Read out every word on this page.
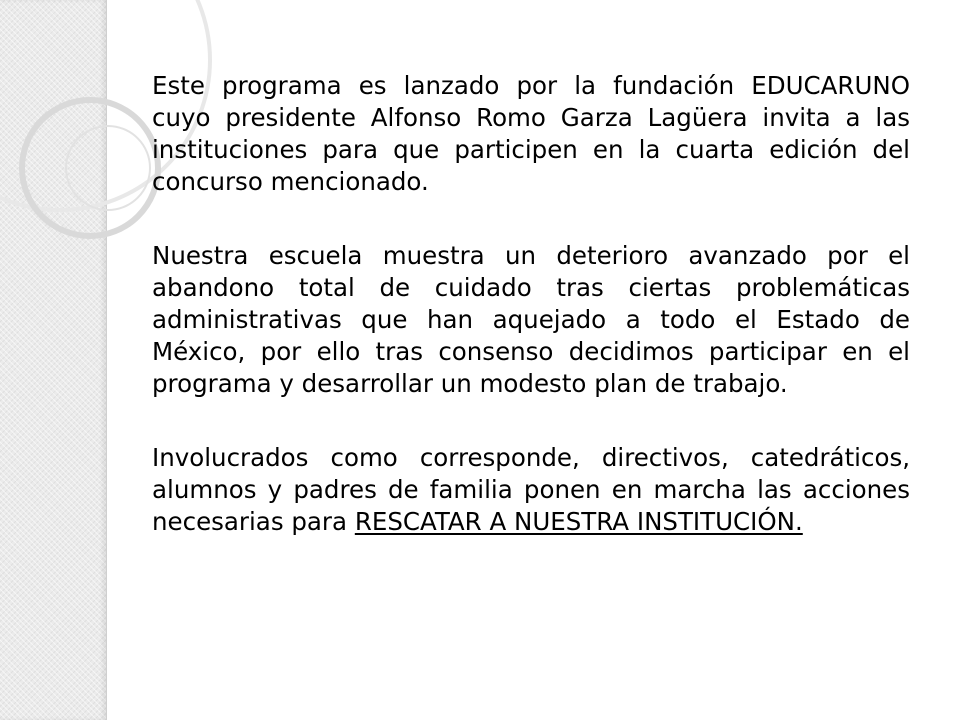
Este programa es lanzado por la fundación EDUCARUNO cuyo presidente Alfonso Romo Garza Lagüera invita a las instituciones para que participen en la cuarta edición del concurso mencionado.

Nuestra escuela muestra un deterioro avanzado por el abandono total de cuidado tras ciertas problemáticas administrativas que han aquejado a todo el Estado de México, por ello tras consenso decidimos participar en el programa y desarrollar un modesto plan de trabajo.

Involucrados como corresponde, directivos, catedráticos, alumnos y padres de familia ponen en marcha las acciones necesarias para RESCATAR A NUESTRA INSTITUCIÓN.
